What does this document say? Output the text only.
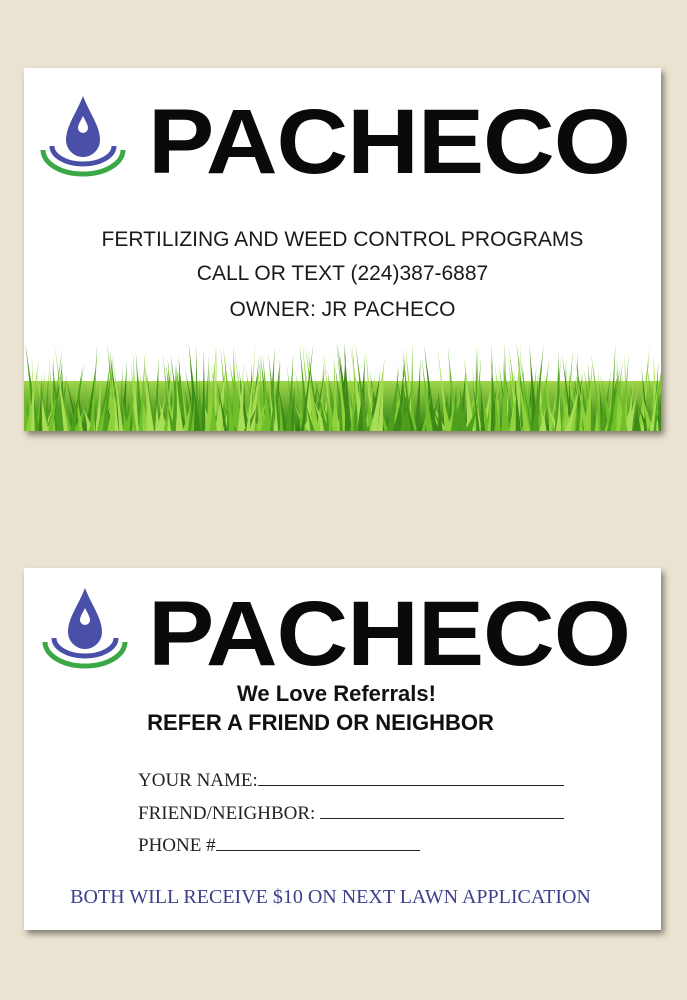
PACHECO
FERTILIZING AND WEED CONTROL PROGRAMS
CALL OR TEXT (224)387-6887
OWNER: JR PACHECO
PACHECO
We Love Referrals!
REFER A FRIEND OR NEIGHBOR
YOUR NAME:
FRIEND/NEIGHBOR:
PHONE #
BOTH WILL RECEIVE $10 ON NEXT LAWN APPLICATION
